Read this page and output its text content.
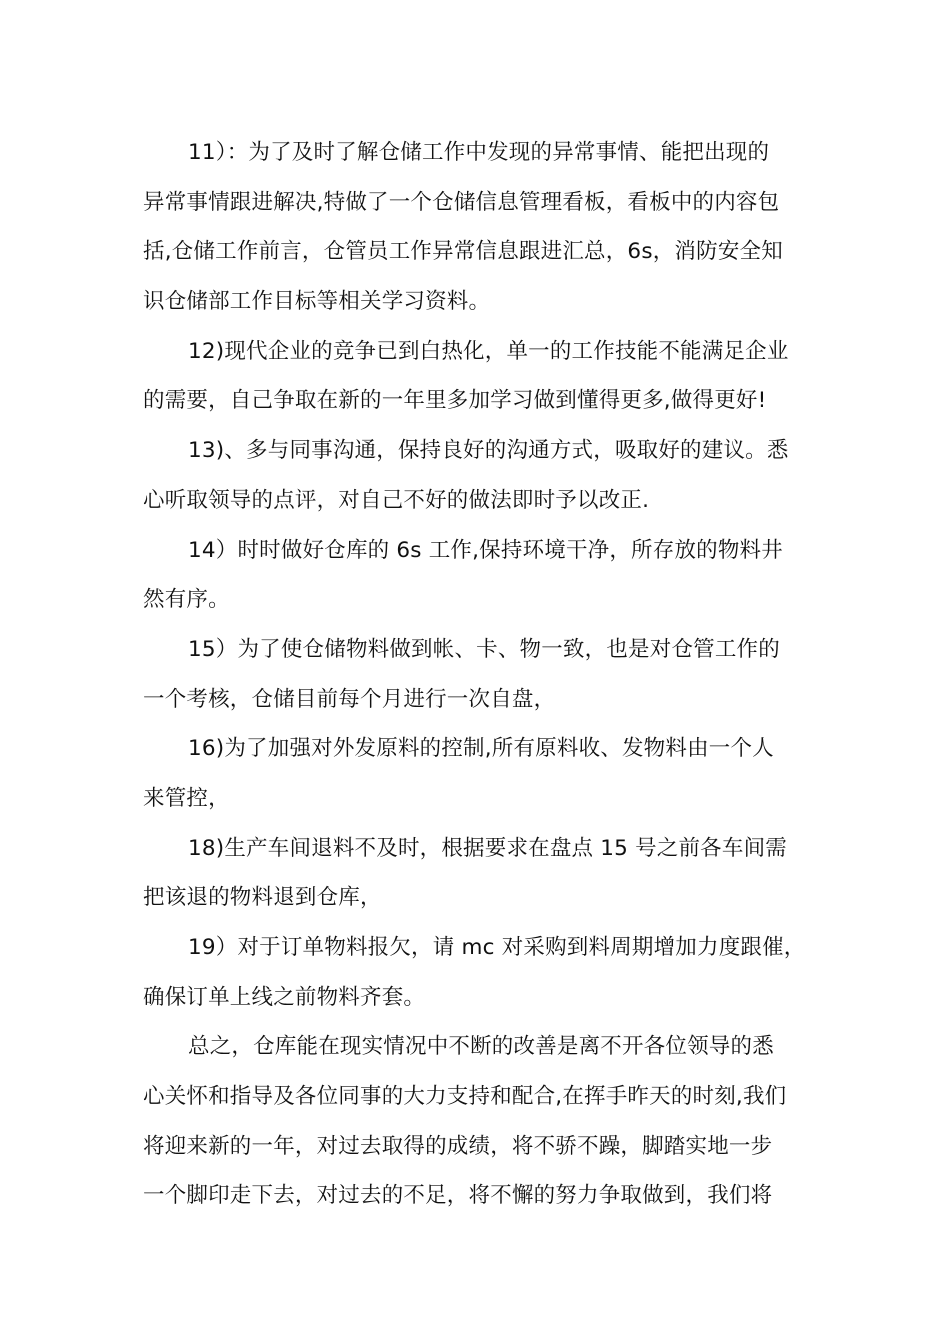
11）：为了及时了解仓储工作中发现的异常事情、能把出现的
异常事情跟进解决,特做了一个仓储信息管理看板，看板中的内容包
括,仓储工作前言，仓管员工作异常信息跟进汇总，6s，消防安全知
识仓储部工作目标等相关学习资料。
12)现代企业的竞争已到白热化，单一的工作技能不能满足企业
的需要，自己争取在新的一年里多加学习做到懂得更多,做得更好!
13)、多与同事沟通，保持良好的沟通方式，吸取好的建议。悉
心听取领导的点评，对自己不好的做法即时予以改正.
14）时时做好仓库的 6s 工作,保持环境干净，所存放的物料井
然有序。
15）为了使仓储物料做到帐、卡、物一致，也是对仓管工作的
一个考核，仓储目前每个月进行一次自盘，
16)为了加强对外发原料的控制,所有原料收、发物料由一个人
来管控，
18)生产车间退料不及时，根据要求在盘点 15 号之前各车间需
把该退的物料退到仓库，
19）对于订单物料报欠，请 mc 对采购到料周期增加力度跟催，
确保订单上线之前物料齐套。
总之，仓库能在现实情况中不断的改善是离不开各位领导的悉
心关怀和指导及各位同事的大力支持和配合,在挥手昨天的时刻,我们
将迎来新的一年，对过去取得的成绩，将不骄不躁，脚踏实地一步
一个脚印走下去，对过去的不足，将不懈的努力争取做到，我们将
